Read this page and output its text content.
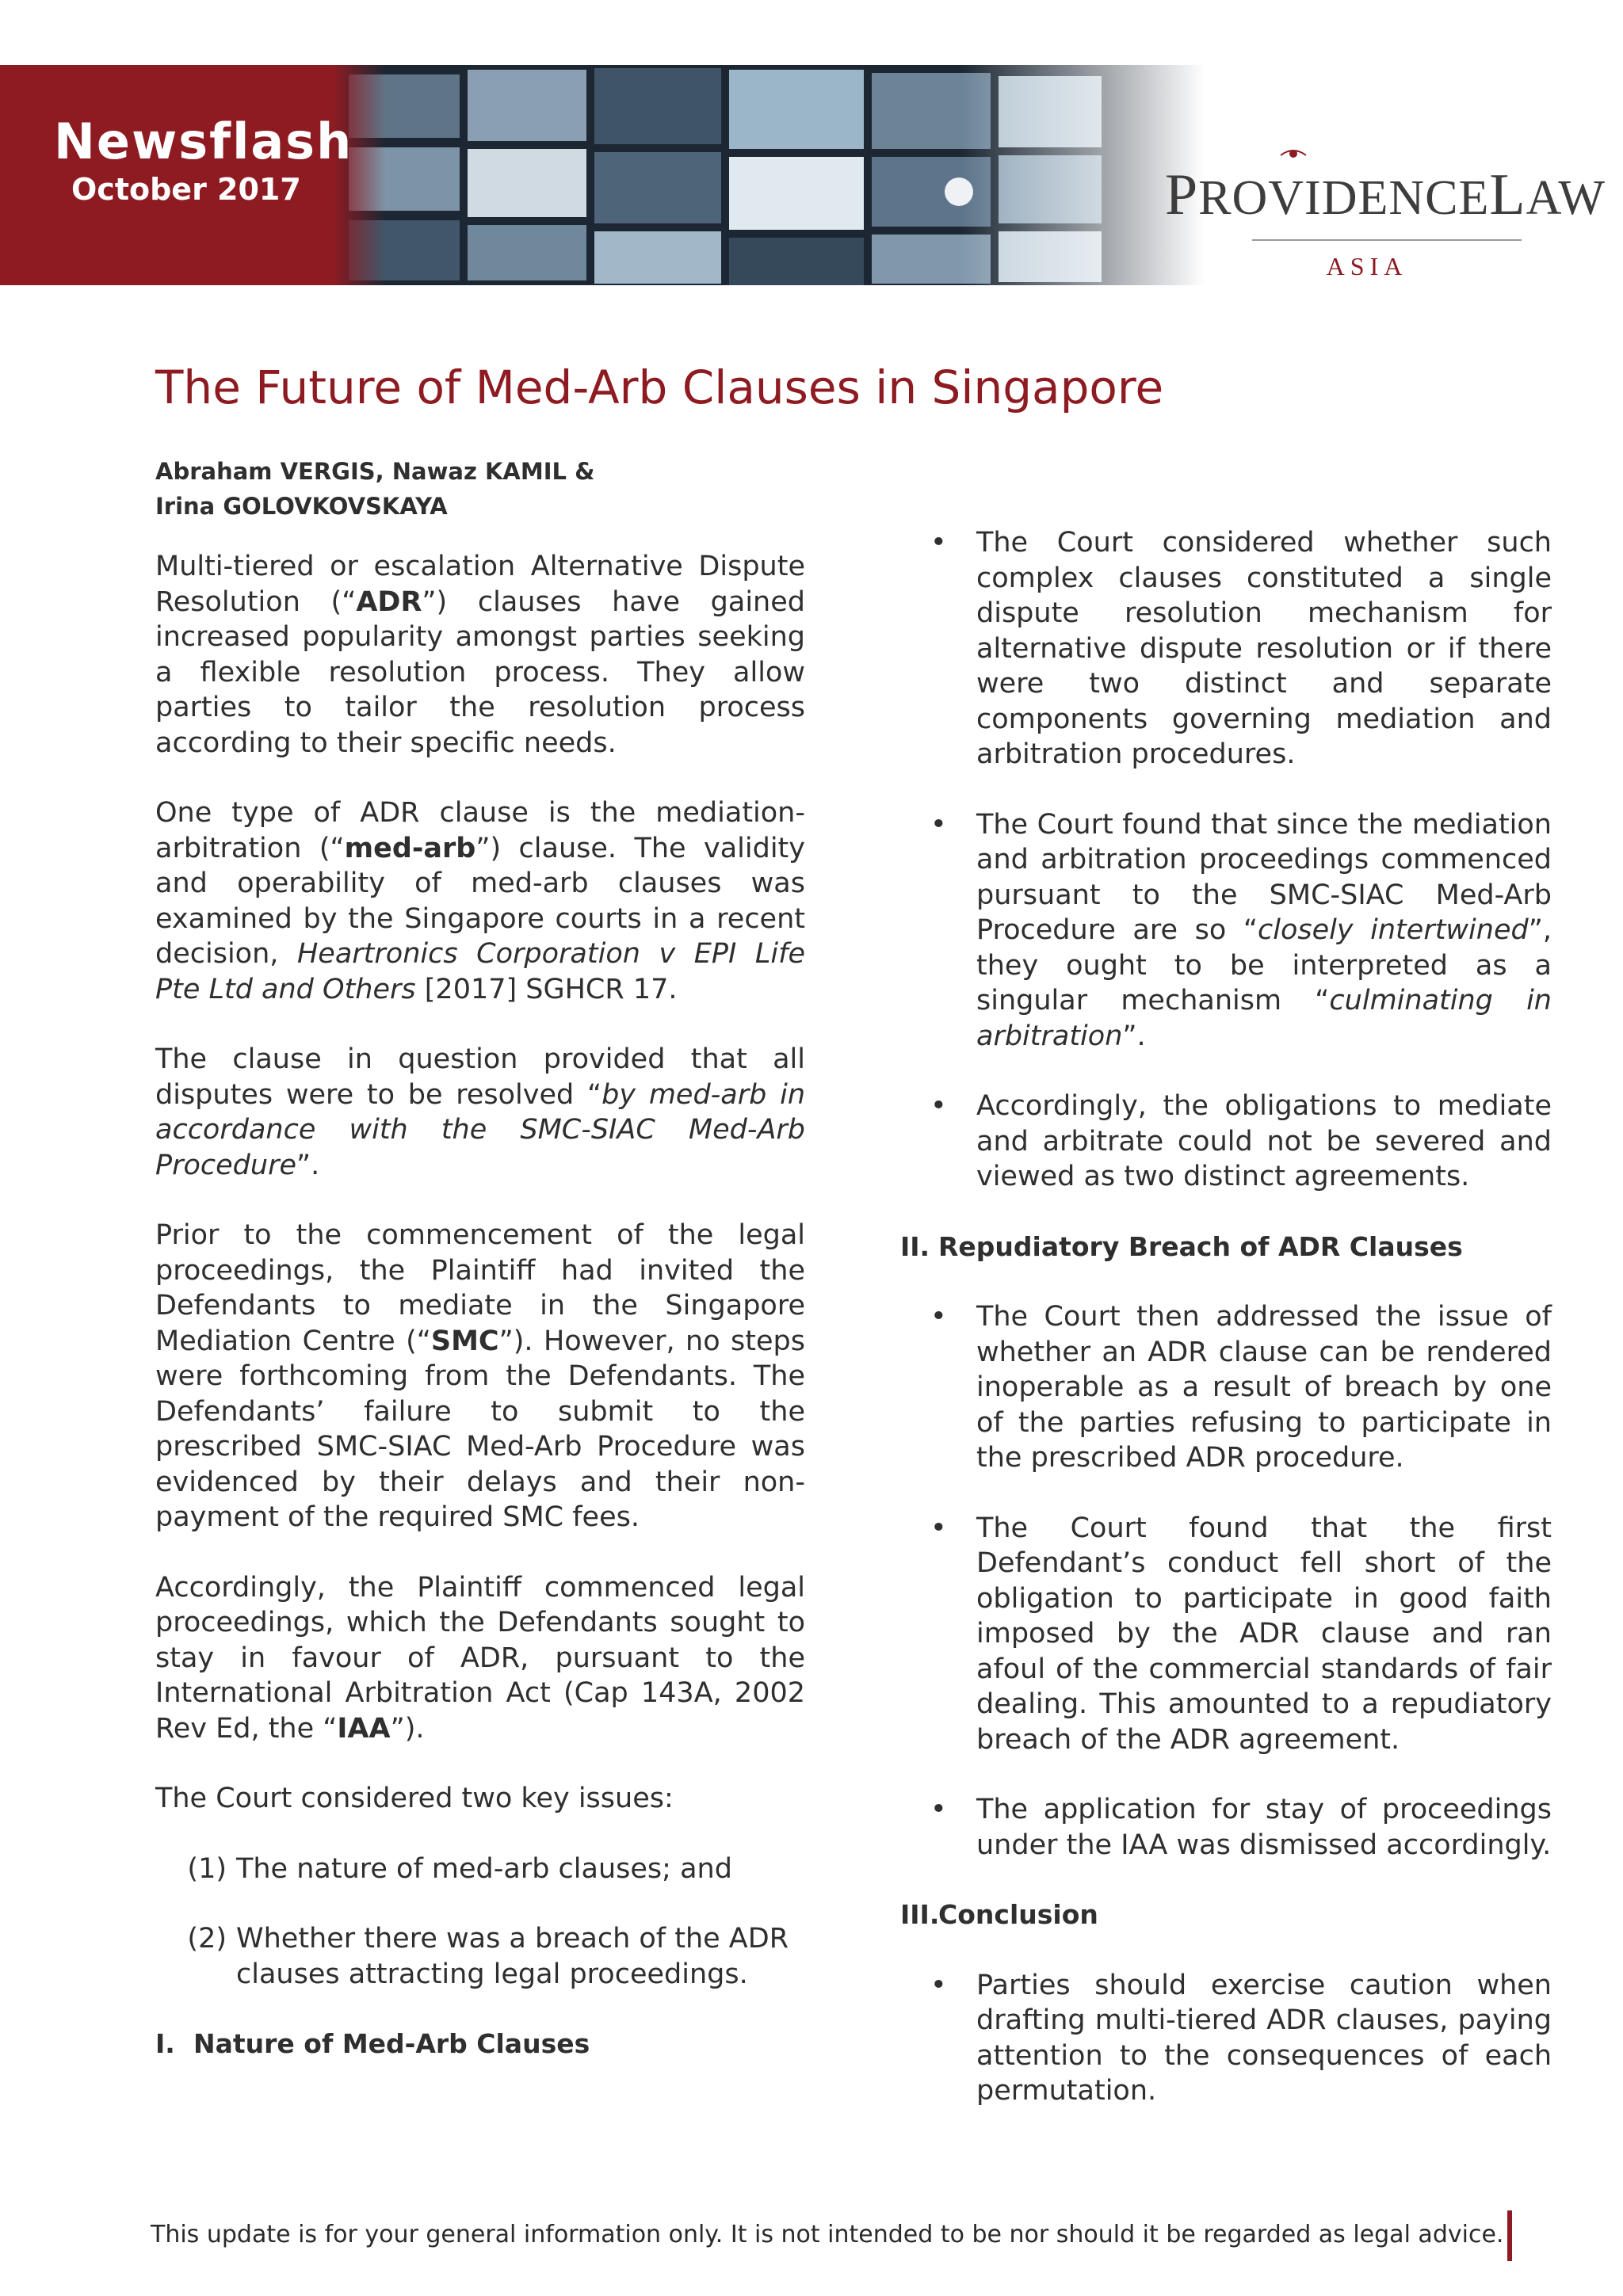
Newsflash
October 2017	PROVIDENCELAW
ASIA
The Future of Med-Arb Clauses in Singapore
Abraham VERGIS, Nawaz KAMIL &
Irina GOLOVKOVSKAYA

Multi-tiered or escalation Alternative Dispute Resolution (“ADR”) clauses have gained increased popularity amongst parties seeking a flexible resolution process. They allow parties to tailor the resolution process according to their specific needs.

One type of ADR clause is the mediation-arbitration (“med-arb”) clause. The validity and operability of med-arb clauses was examined by the Singapore courts in a recent decision, Heartronics Corporation v EPI Life Pte Ltd and Others [2017] SGHCR 17.

The clause in question provided that all disputes were to be resolved “by med-arb in accordance with the SMC-SIAC Med-Arb Procedure”.

Prior to the commencement of the legal proceedings, the Plaintiff had invited the Defendants to mediate in the Singapore Mediation Centre (“SMC”). However, no steps were forthcoming from the Defendants. The Defendants’ failure to submit to the prescribed SMC-SIAC Med-Arb Procedure was evidenced by their delays and their non-payment of the required SMC fees.

Accordingly, the Plaintiff commenced legal proceedings, which the Defendants sought to stay in favour of ADR, pursuant to the International Arbitration Act (Cap 143A, 2002 Rev Ed, the “IAA”).

The Court considered two key issues:

(1) The nature of med-arb clauses; and
(2) Whether there was a breach of the ADR clauses attracting legal proceedings.
I. Nature of Med-Arb Clauses
•	The Court considered whether such complex clauses constituted a single dispute resolution mechanism for alternative dispute resolution or if there were two distinct and separate components governing mediation and arbitration procedures.
•	The Court found that since the mediation and arbitration proceedings commenced pursuant to the SMC-SIAC Med-Arb Procedure are so “closely intertwined”, they ought to be interpreted as a singular mechanism “culminating in arbitration”.
•	Accordingly, the obligations to mediate and arbitrate could not be severed and viewed as two distinct agreements.
II. Repudiatory Breach of ADR Clauses
•	The Court then addressed the issue of whether an ADR clause can be rendered inoperable as a result of breach by one of the parties refusing to participate in the prescribed ADR procedure.
•	The Court found that the first Defendant’s conduct fell short of the obligation to participate in good faith imposed by the ADR clause and ran afoul of the commercial standards of fair dealing. This amounted to a repudiatory breach of the ADR agreement.
•	The application for stay of proceedings under the IAA was dismissed accordingly.
III.Conclusion
•	Parties should exercise caution when drafting multi-tiered ADR clauses, paying attention to the consequences of each permutation.
This update is for your general information only. It is not intended to be nor should it be regarded as legal advice.
